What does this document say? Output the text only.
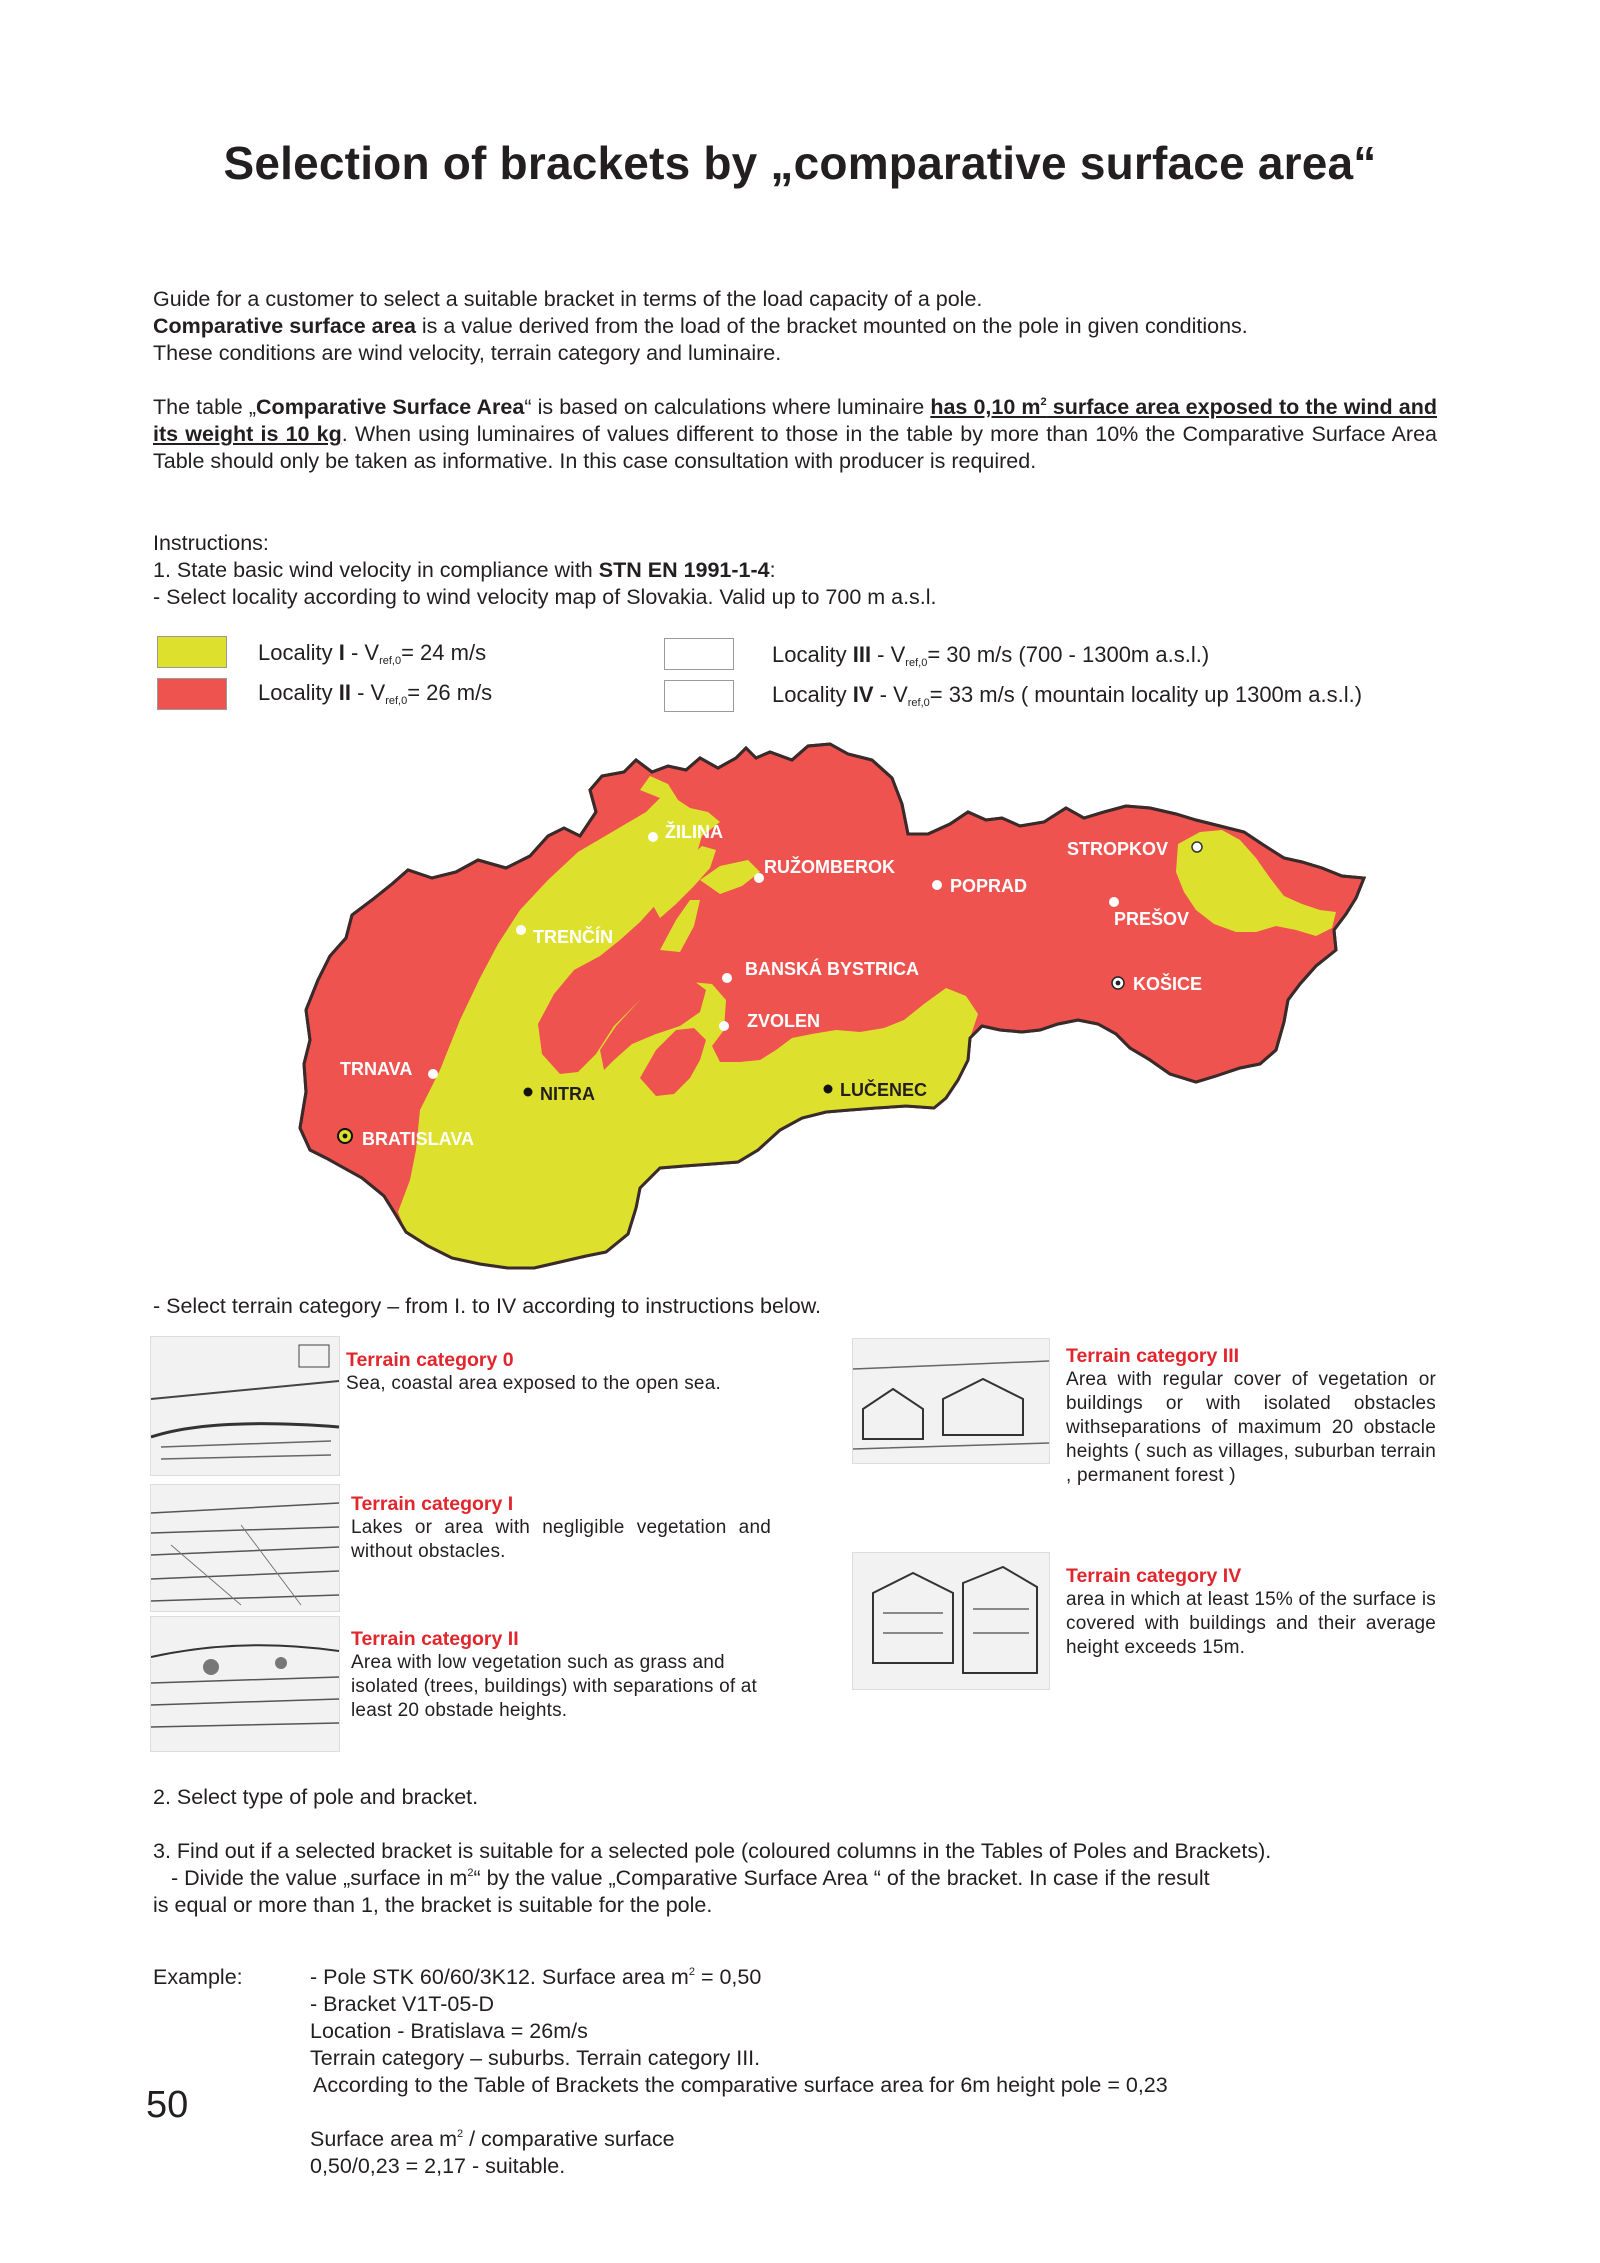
Selection of brackets by „comparative surface area“
Guide for a customer to select a suitable bracket in terms of the load capacity of a pole.
Comparative surface area is a value derived from the load of the bracket mounted on the pole in given conditions.
These conditions are wind velocity, terrain category and luminaire.
The table „Comparative Surface Area“ is based on calculations where luminaire has 0,10 $m^2$ surface area exposed to the wind and its weight is 10 kg. When using luminaires of values different to those in the table by more than 10% the Comparative Surface Area Table should only be taken as informative. In this case consultation with producer is required.
Instructions:
1. State basic wind velocity in compliance with STN EN 1991-1-4:
- Select locality according to wind velocity map of Slovakia. Valid up to 700 m a.s.l.
Locality $I - V_{ref,0}= 24$ m/s
Locality II - $V_{ref,0}= 26$ m/s
Locality III - $V_{ref,0}= 30$ m/s (700 - 1300m a.s.l.)
Locality IV - $V_{ref,0}= 33$ m/s ( mountain locality up 1300m a.s.l.)
ŽILINA
RUŽOMBEROK
POPRAD
STROPKOV
PREŠOV
TRENČÍN
BANSKÁ BYSTRICA
KOŠICE
ZVOLEN
TRNAVA
NITRA	LUČENEC
BRATISLAVA
- Select terrain category – from I. to IV according to instructions below.
Terrain category 0
Sea, coastal area exposed to the open sea.
Terrain category I
Lakes or area with negligible vegetation and without obstacles.
Terrain category II
Area with low vegetation such as grass and isolated (trees, buildings) with separations of at least 20 obstade heights.
Terrain category III
Area with regular cover of vegetation or buildings or with isolated obstacles withseparations of maximum 20 obstacle heights ( such as villages, suburban terrain , permanent forest )
Terrain category IV
area in which at least 15% of the surface is covered with buildings and their average height exceeds 15m.
2. Select type of pole and bracket.
3. Find out if a selected bracket is suitable for a selected pole (coloured columns in the Tables of Poles and Brackets).
- Divide the value „surface in $m^2“$ by the value „Comparative Surface Area “ of the bracket. In case if the result
is equal or more than 1, the bracket is suitable for the pole.
Example:	- Pole STK 60/60/3K12. Surface area $m^2 = 0,50$
- Bracket V1T-05-D
Location - Bratislava = 26m/s
Terrain category – suburbs. Terrain category III.
According to the Table of Brackets the comparative surface area for 6m height pole = 0,23
Surface area $m^2$ / comparative surface
0,50/0,23 = 2,17 - suitable.
50
